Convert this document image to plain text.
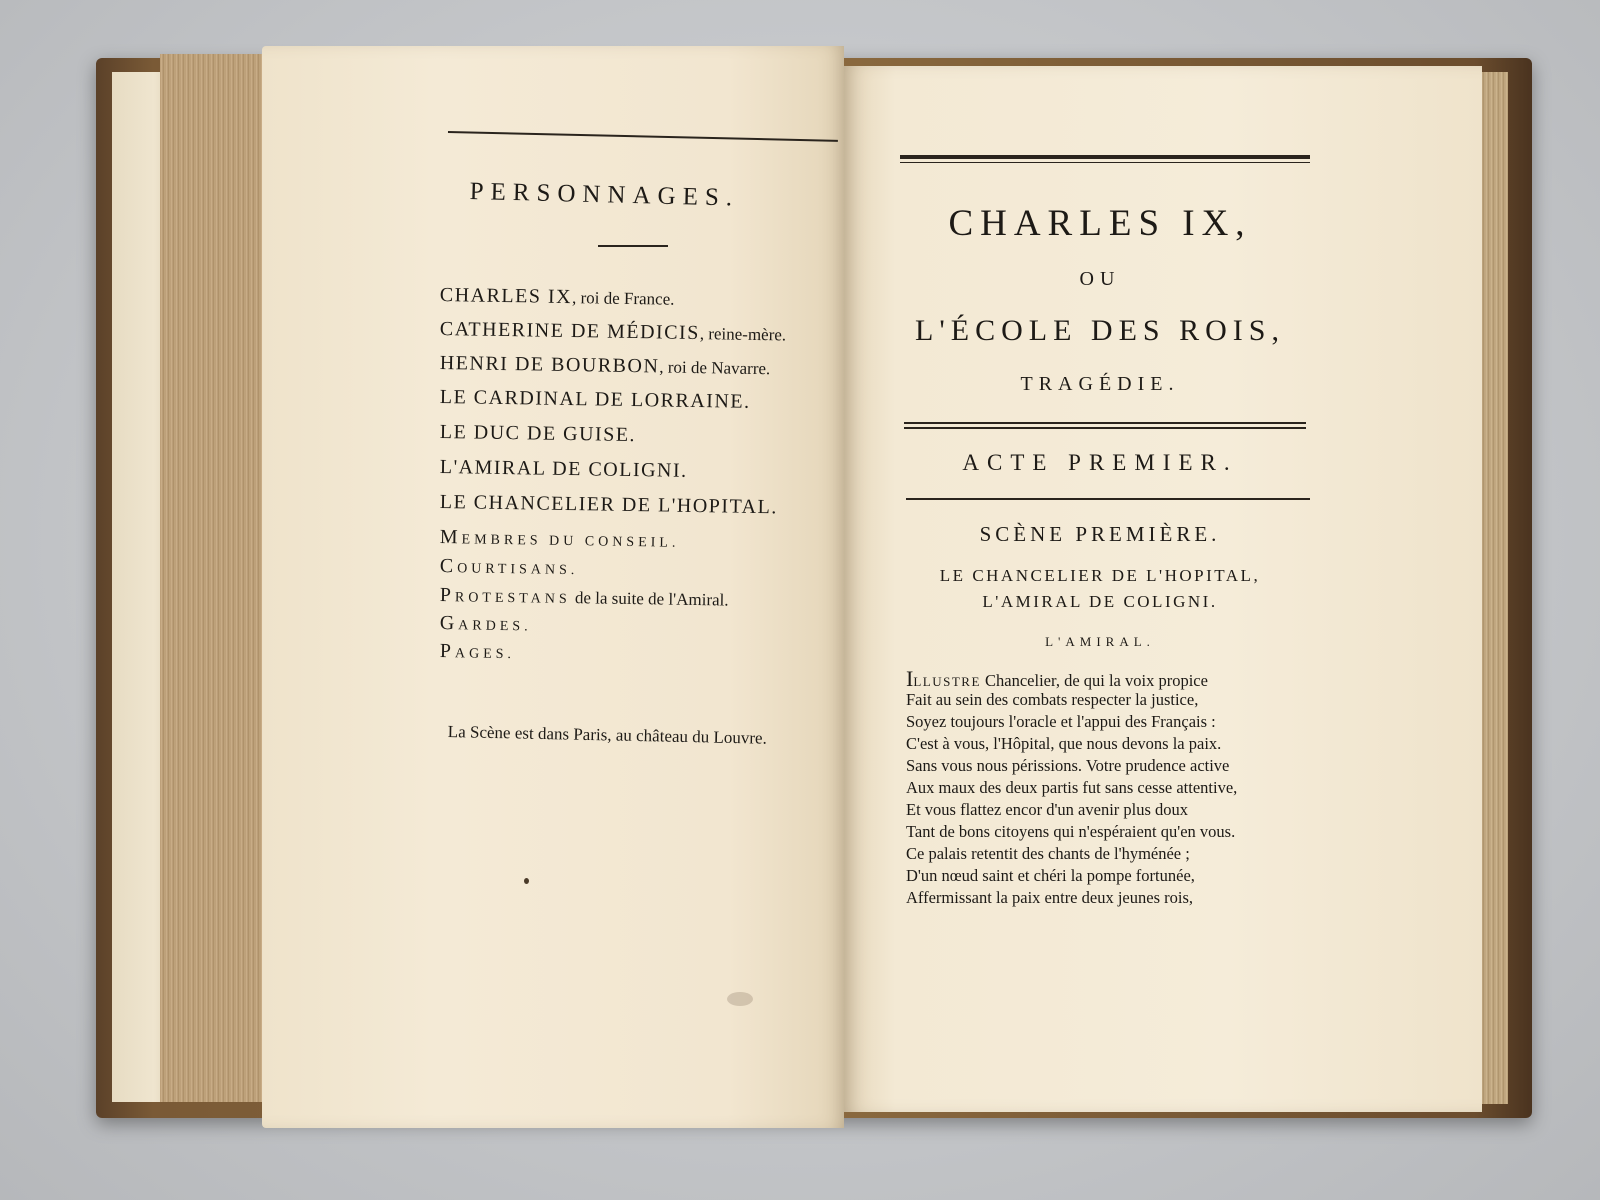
PERSONNAGES.
CHARLES IX, roi de France.
CATHERINE DE MÉDICIS, reine-mère.
HENRI DE BOURBON, roi de Navarre.
LE CARDINAL DE LORRAINE.
LE DUC DE GUISE.
L'AMIRAL DE COLIGNI.
LE CHANCELIER DE L'HOPITAL.
MEMBRES DU CONSEIL.
COURTISANS.
PROTESTANS de la suite de l'Amiral.
GARDES.
PAGES.
La Scène est dans Paris, au château du Louvre.
CHARLES IX,
OU
L'ÉCOLE DES ROIS,
TRAGÉDIE.
ACTE PREMIER.
SCÈNE PREMIÈRE.
LE CHANCELIER DE L'HOPITAL,
L'AMIRAL DE COLIGNI.
L'AMIRAL.
ILLUSTRE Chancelier, de qui la voix propice
Fait au sein des combats respecter la justice,
Soyez toujours l'oracle et l'appui des Français :
C'est à vous, l'Hôpital, que nous devons la paix.
Sans vous nous périssions. Votre prudence active
Aux maux des deux partis fut sans cesse attentive,
Et vous flattez encor d'un avenir plus doux
Tant de bons citoyens qui n'espéraient qu'en vous.
Ce palais retentit des chants de l'hyménée ;
D'un nœud saint et chéri la pompe fortunée,
Affermissant la paix entre deux jeunes rois,
